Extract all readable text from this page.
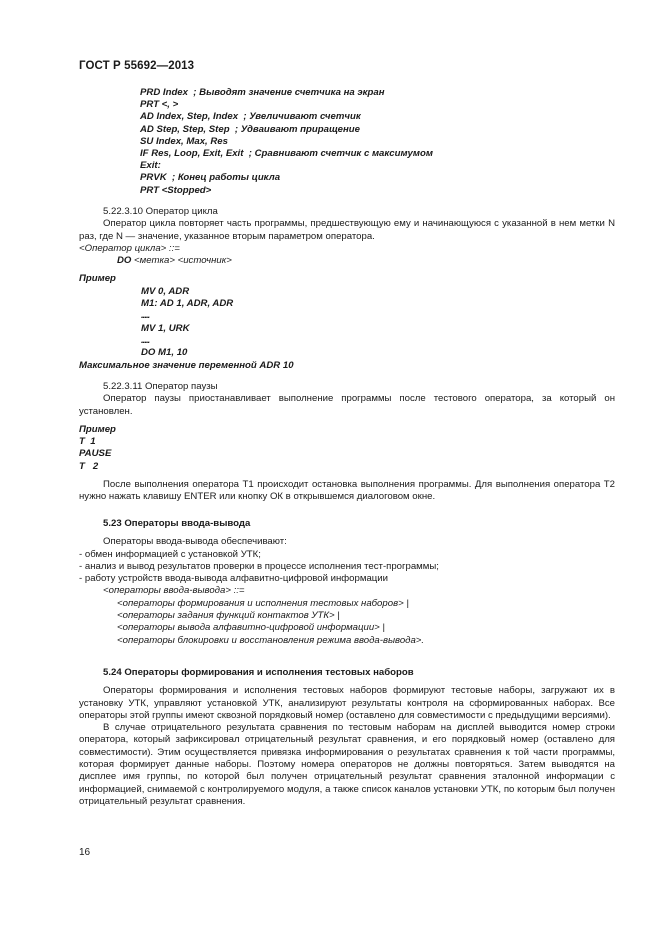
ГОСТ Р 55692—2013
PRD Index  ; Выводят значение счетчика на экран
PRT <, >
AD Index, Step, Index  ; Увеличивают счетчик
AD Step, Step, Step  ; Удваивают приращение
SU Index, Max, Res
IF Res, Loop, Exit, Exit  ; Сравнивают счетчик с максимумом
Exit:
PRVK  ; Конец работы цикла
PRT <Stopped>
5.22.3.10 Оператор цикла
Оператор цикла повторяет часть программы, предшествующую ему и начинающуюся с указанной в нем метки N раз, где N — значение, указанное вторым параметром оператора.
<Оператор цикла> ::=
DO <метка> <источник>
Пример
MV 0, ADR
M1: AD 1, ADR, ADR
.....
MV 1, URK
.....
DO M1, 10
Максимальное значение переменной ADR 10
5.22.3.11 Оператор паузы
Оператор паузы приостанавливает выполнение программы после тестового оператора, за который он установлен.
Пример
T  1
PAUSE
T   2
После выполнения оператора Т1 происходит остановка выполнения программы. Для выполнения оператора Т2 нужно нажать клавишу ENTER или кнопку ОК в открывшемся диалоговом окне.
5.23 Операторы ввода-вывода
Операторы ввода-вывода обеспечивают:
- обмен информацией с установкой УТК;
- анализ и вывод результатов проверки в процессе исполнения тест-программы;
- работу устройств ввода-вывода алфавитно-цифровой информации
<операторы ввода-вывода> ::=
<операторы формирования и исполнения тестовых наборов> |
<операторы задания функций контактов УТК> |
<операторы вывода алфавитно-цифровой информации> |
<операторы блокировки и восстановления режима ввода-вывода>.
5.24 Операторы формирования и исполнения тестовых наборов
Операторы формирования и исполнения тестовых наборов формируют тестовые наборы, загружают их в установку УТК, управляют установкой УТК, анализируют результаты контроля на сформированных наборах. Все операторы этой группы имеют сквозной порядковый номер (оставлено для совместимости с предыдущими версиями).
В случае отрицательного результата сравнения по тестовым наборам на дисплей выводится номер строки оператора, который зафиксировал отрицательный результат сравнения, и его порядковый номер (оставлено для совместимости). Этим осуществляется привязка информирования о результатах сравнения к той части программы, которая формирует данные наборы. Поэтому номера операторов не должны повторяться. Затем выводятся на дисплее имя группы, по которой был получен отрицательный результат сравнения эталонной информации с информацией, снимаемой с контролируемого модуля, а также список каналов установки УТК, по которым был получен отрицательный результат сравнения.
16
